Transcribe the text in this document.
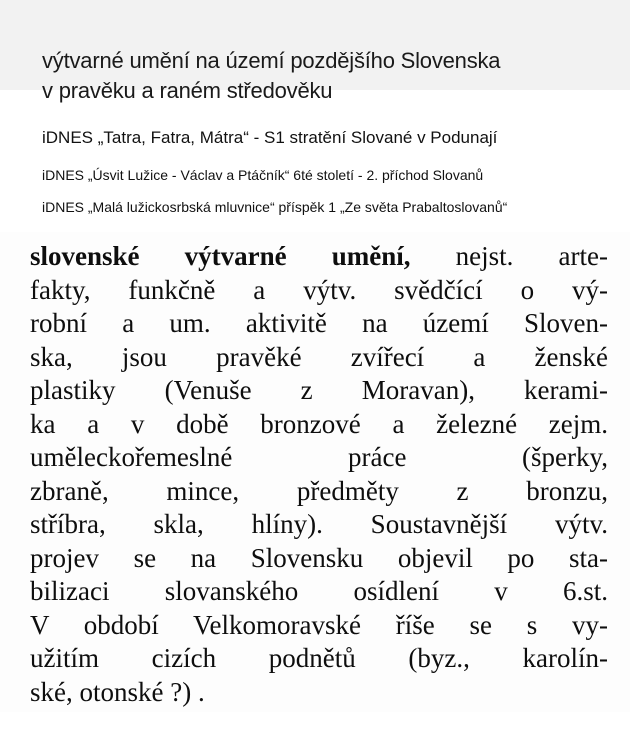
výtvarné umění na území pozdějšího Slovenska
v pravěku a raném středověku
iDNES „Tatra, Fatra, Mátra“ - S1 stratění Slované v Podunají
iDNES „Úsvit Lužice - Václav a Ptáčník“ 6té století - 2. příchod Slovanů
iDNES „Malá lužickosrbská mluvnice“ příspěk 1 „Ze světa Prabaltoslovanů“
slovenské výtvarné umění, nejst. arte-
fakty, funkčně a výtv. svědčící o vý-
robní a um. aktivitě na území Sloven-
ska, jsou pravěké zvířecí a ženské
plastiky (Venuše z Moravan), kerami-
ka a v době bronzové a železné zejm.
uměleckořemeslné práce (šperky,
zbraně, mince, předměty z bronzu,
stříbra, skla, hlíny). Soustavnější výtv.
projev se na Slovensku objevil po sta-
bilizaci slovanského osídlení v 6.st.
V období Velkomoravské říše se s vy-
užitím cizích podnětů (byz., karolín-
ské, otonské ?) .
